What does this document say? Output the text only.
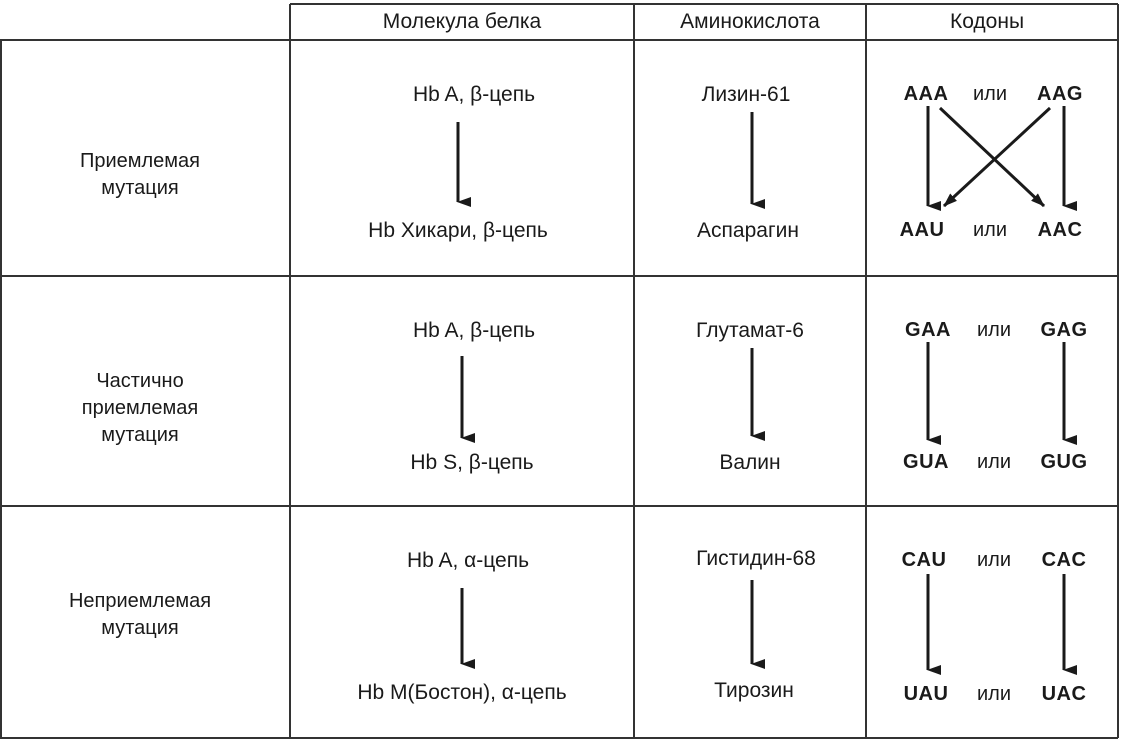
Молекула белка	Аминокислота	Кодоны
Приемлемая
мутация
Hb A, β-цепь
Hb Хикари, β-цепь
Лизин-61
Аспарагин
AAA или AAG
AAU или AAC
Частично
приемлемая
мутация
Hb A, β-цепь
Hb S, β-цепь
Глутамат-6
Валин
GAA или GAG
GUA или GUG
Неприемлемая
мутация
Hb A, α-цепь
Hb M(Бостон), α-цепь
Гистидин-68
Тирозин
CAU или CAC
UAU или UAC
